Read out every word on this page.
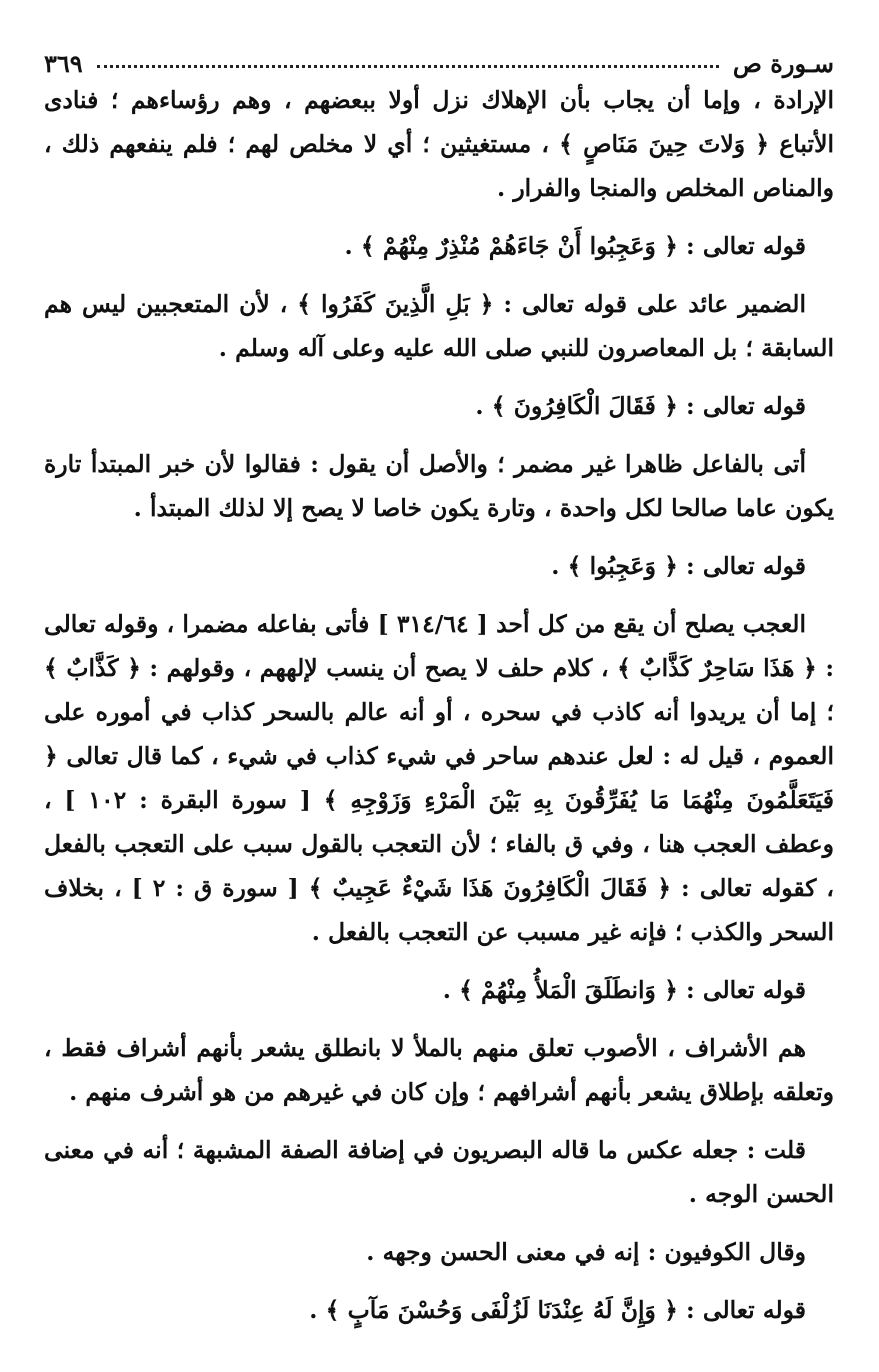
سـورة ص
٣٦٩

الإرادة ، وإما أن يجاب بأن الإهلاك نزل أولا ببعضهم ، وهم رؤساءهم ؛ فنادى الأتباع ﴿ وَلاتَ حِينَ مَنَاصٍ ﴾ ، مستغيثين ؛ أي لا مخلص لهم ؛ فلم ينفعهم ذلك ، والمناص المخلص والمنجا والفرار .

قوله تعالى : ﴿ وَعَجِبُوا أَنْ جَاءَهُمْ مُنْذِرٌ مِنْهُمْ ﴾ .

الضمير عائد على قوله تعالى : ﴿ بَلِ الَّذِينَ كَفَرُوا ﴾ ، لأن المتعجبين ليس هم السابقة ؛ بل المعاصرون للنبي صلى الله عليه وعلى آله وسلم .

قوله تعالى : ﴿ فَقَالَ الْكَافِرُونَ ﴾ .

أتى بالفاعل ظاهرا غير مضمر ؛ والأصل أن يقول : فقالوا لأن خبر المبتدأ تارة يكون عاما صالحا لكل واحدة ، وتارة يكون خاصا لا يصح إلا لذلك المبتدأ .

قوله تعالى : ﴿ وَعَجِبُوا ﴾ .

العجب يصلح أن يقع من كل أحد [ ٣١٤/٦٤ ] فأتى بفاعله مضمرا ، وقوله تعالى : ﴿ هَذَا سَاحِرٌ كَذَّابٌ ﴾ ، كلام حلف لا يصح أن ينسب لإلههم ، وقولهم : ﴿ كَذَّابٌ ﴾ ؛ إما أن يريدوا أنه كاذب في سحره ، أو أنه عالم بالسحر كذاب في أموره على العموم ، قيل له : لعل عندهم ساحر في شيء كذاب في شيء ، كما قال تعالى ﴿ فَيَتَعَلَّمُونَ مِنْهُمَا مَا يُفَرِّقُونَ بِهِ بَيْنَ الْمَرْءِ وَزَوْجِهِ ﴾ [ سورة البقرة : ١٠٢ ] ، وعطف العجب هنا ، وفي ق بالفاء ؛ لأن التعجب بالقول سبب على التعجب بالفعل ، كقوله تعالى : ﴿ فَقَالَ الْكَافِرُونَ هَذَا شَيْءٌ عَجِيبٌ ﴾ [ سورة ق : ٢ ] ، بخلاف السحر والكذب ؛ فإنه غير مسبب عن التعجب بالفعل .

قوله تعالى : ﴿ وَانطَلَقَ الْمَلأُ مِنْهُمْ ﴾ .

هم الأشراف ، الأصوب تعلق منهم بالملأ لا بانطلق يشعر بأنهم أشراف فقط ، وتعلقه بإطلاق يشعر بأنهم أشرافهم ؛ وإن كان في غيرهم من هو أشرف منهم .

قلت : جعله عكس ما قاله البصريون في إضافة الصفة المشبهة ؛ أنه في معنى الحسن الوجه .

وقال الكوفيون : إنه في معنى الحسن وجهه .

قوله تعالى : ﴿ وَإِنَّ لَهُ عِنْدَنَا لَزُلْفَى وَحُسْنَ مَآبٍ ﴾ .
